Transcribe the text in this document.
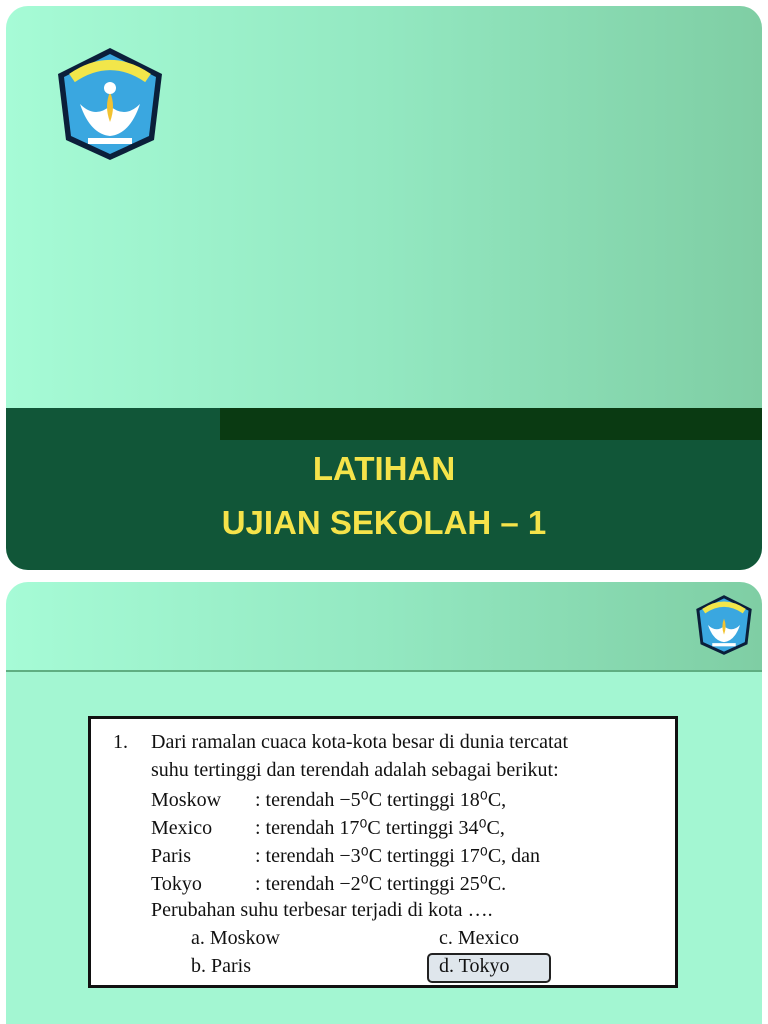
LATIHAN
UJIAN SEKOLAH – 1
1. Dari ramalan cuaca kota-kota besar di dunia tercatat
suhu tertinggi dan terendah adalah sebagai berikut:
Moskow : terendah −5⁰C tertinggi 18⁰C,
Mexico : terendah 17⁰C tertinggi 34⁰C,
Paris	: terendah −3⁰C tertinggi 17⁰C, dan
Tokyo	: terendah −2⁰C tertinggi 25⁰C.
Perubahan suhu terbesar terjadi di kota ….
a. Moskow
b. Paris
c. Mexico
d. Tokyo
